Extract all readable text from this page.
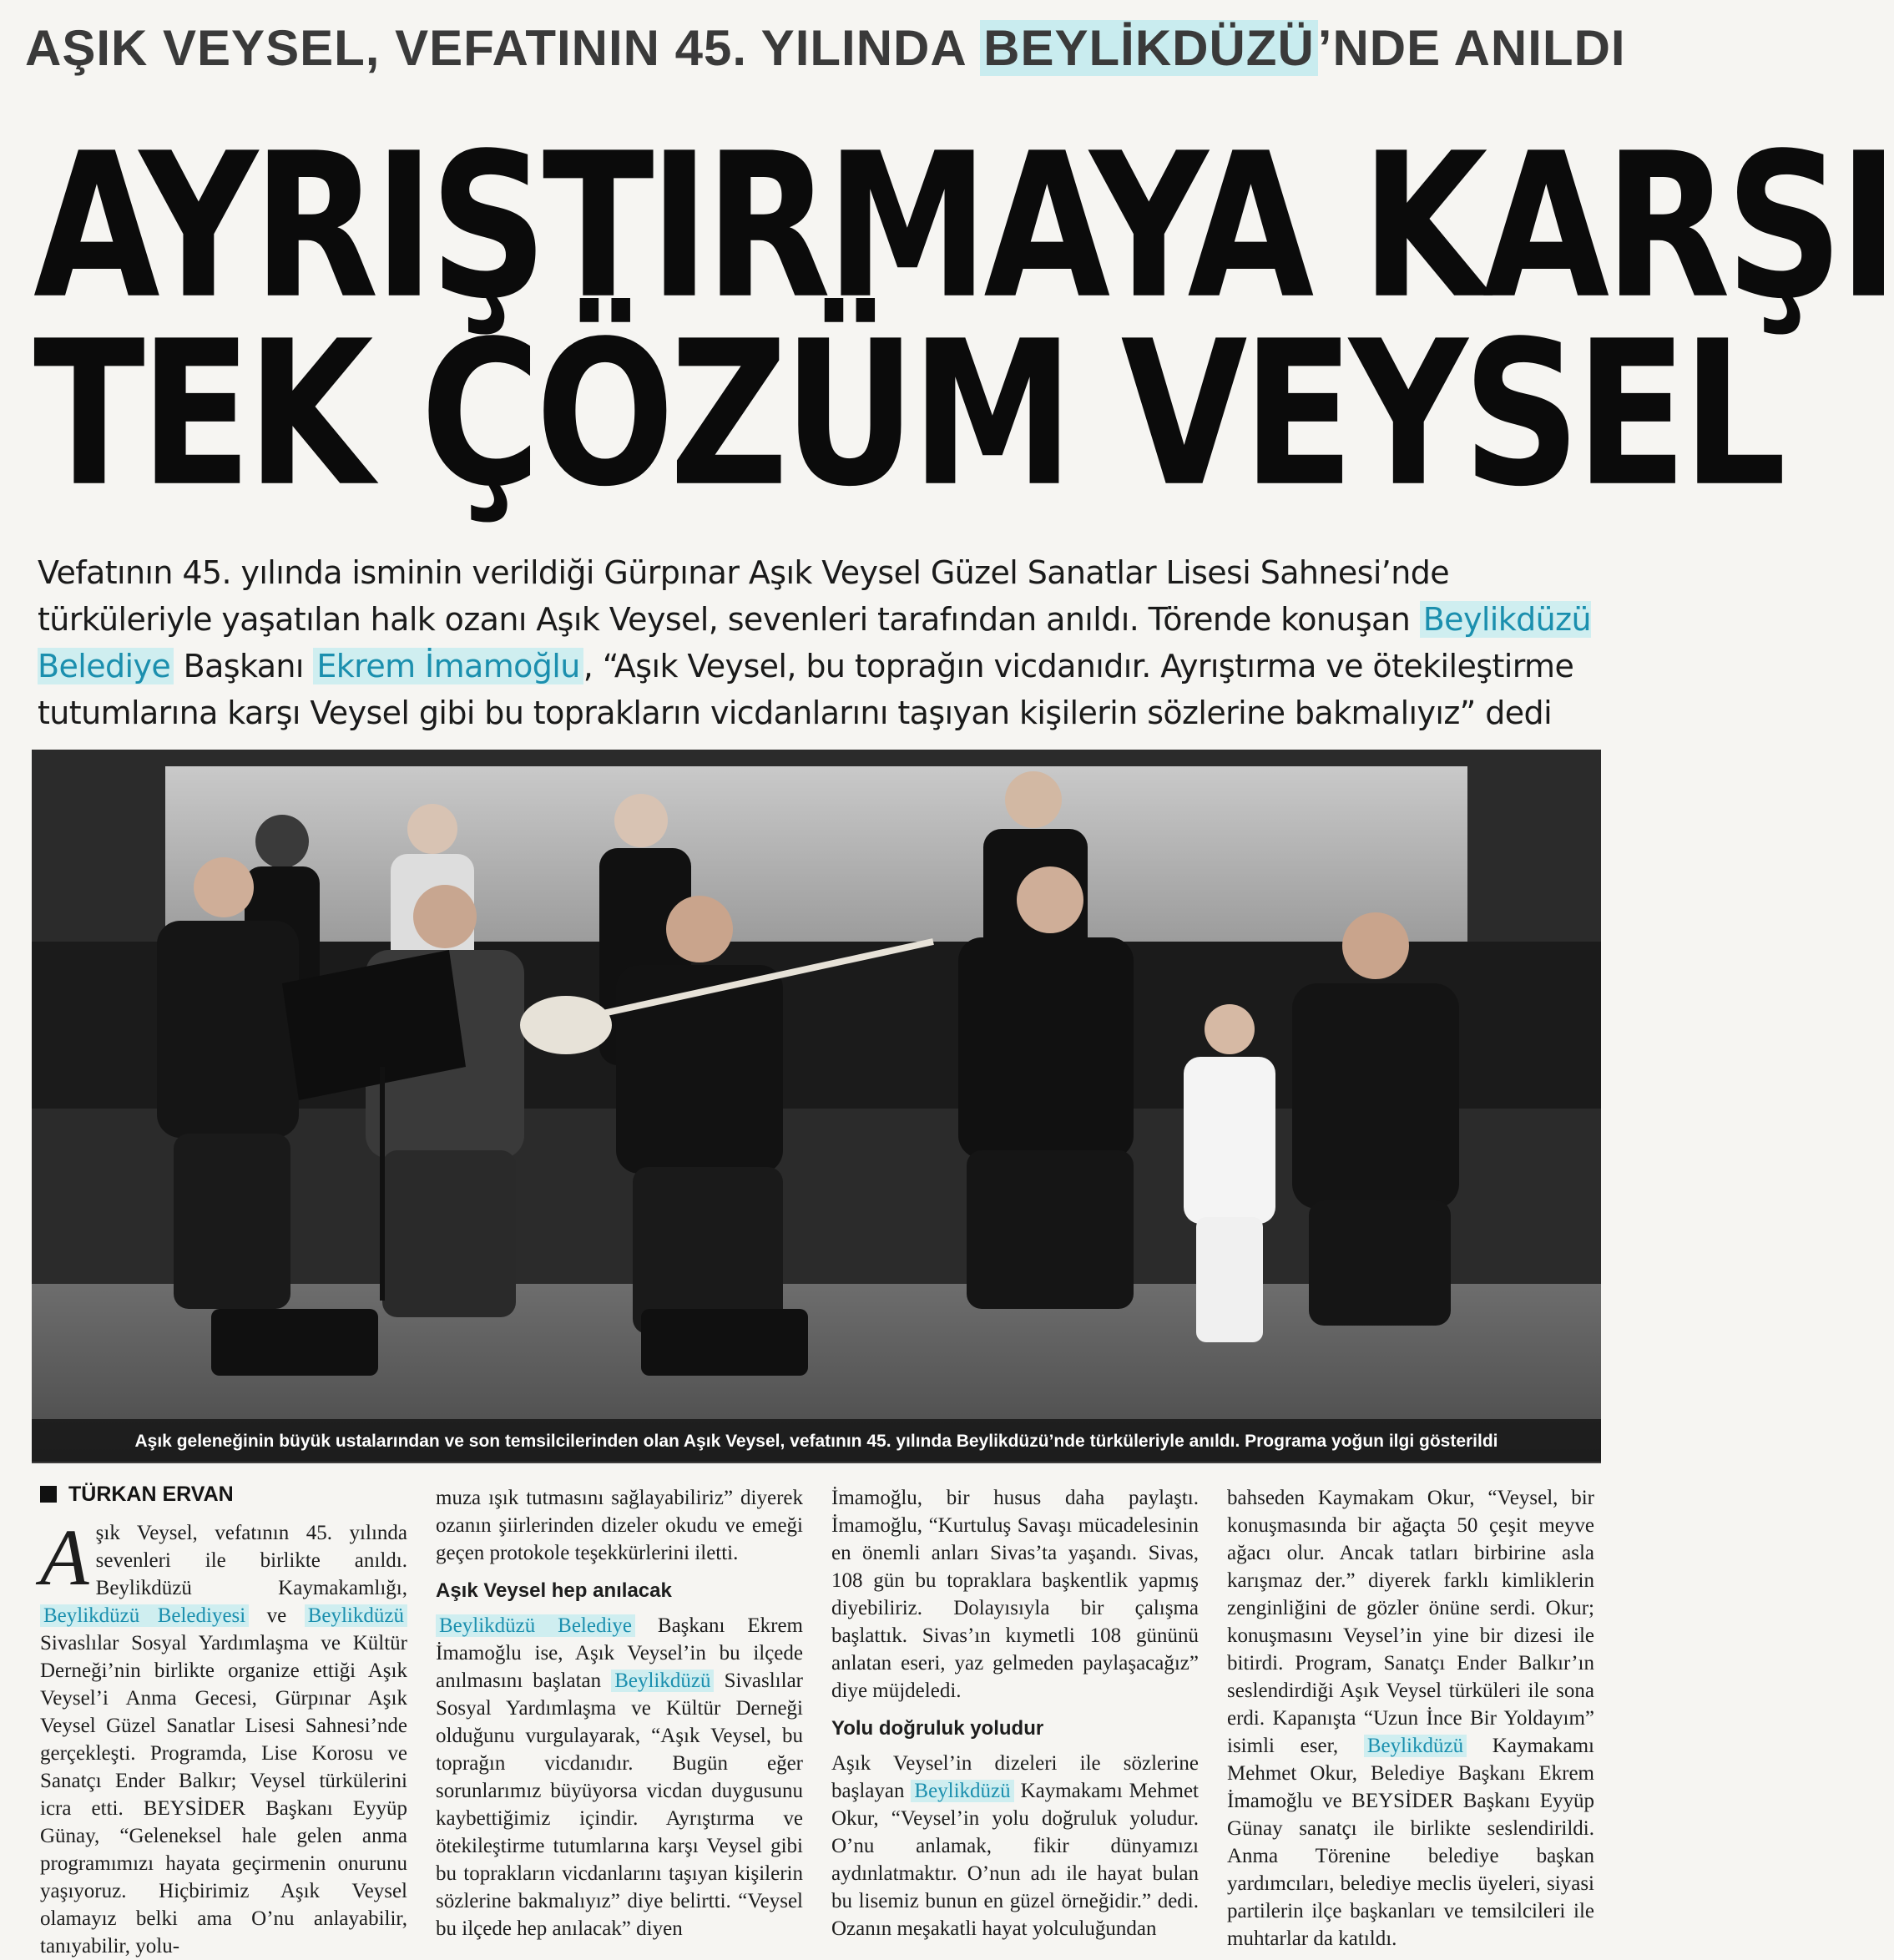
AŞIK VEYSEL, VEFATININ 45. YILINDA BEYLİKDÜZÜ’NDE ANILDI
AYRIŞTIRMAYA KARŞI
TEK ÇÖZÜM VEYSEL
Vefatının 45. yılında isminin verildiği Gürpınar Aşık Veysel Güzel Sanatlar Lisesi Sahnesi’nde türküleriyle yaşatılan halk ozanı Aşık Veysel, sevenleri tarafından anıldı. Törende konuşan Beylikdüzü Belediye Başkanı Ekrem İmamoğlu , “Aşık Veysel, bu toprağın vicdanıdır. Ayrıştırma ve ötekileştirme tutumlarına karşı Veysel gibi bu toprakların vicdanlarını taşıyan kişilerin sözlerine bakmalıyız” dedi
Aşık geleneğinin büyük ustalarından ve son temsilcilerinden olan Aşık Veysel, vefatının 45. yılında Beylikdüzü’nde türküleriyle anıldı. Programa yoğun ilgi gösterildi
TÜRKAN ERVAN

Aşık Veysel, vefatının 45. yılında sevenleri ile birlikte anıldı. Beylikdüzü Kaymakamlığı, Beylikdüzü Belediyesi ve Beylikdüzü Sivaslılar Sosyal Yardımlaşma ve Kültür Derneği’nin birlikte organize ettiği Aşık Veysel’i Anma Gecesi, Gürpınar Aşık Veysel Güzel Sanatlar Lisesi Sahnesi’nde gerçekleşti. Programda, Lise Korosu ve Sanatçı Ender Balkır; Veysel türkülerini icra etti. BEYSİDER Başkanı Eyyüp Günay, “Geleneksel hale gelen anma programımızı hayata geçirmenin onurunu yaşıyoruz. Hiçbirimiz Aşık Veysel olamayız belki ama O’nu anlayabilir, tanıyabilir, yolu-

muza ışık tutmasını sağlayabiliriz” diyerek ozanın şiirlerinden dizeler okudu ve emeği geçen protokole teşekkürlerini iletti.

Aşık Veysel hep anılacak

Beylikdüzü Belediye Başkanı Ekrem İmamoğlu ise, Aşık Veysel’in bu ilçede anılmasını başlatan Beylikdüzü Sivaslılar Sosyal Yardımlaşma ve Kültür Derneği olduğunu vurgulayarak, “Aşık Veysel, bu toprağın vicdanıdır. Bugün eğer sorunlarımız büyüyorsa vicdan duygusunu kaybettiğimiz içindir. Ayrıştırma ve ötekileştirme tutumlarına karşı Veysel gibi bu toprakların vicdanlarını taşıyan kişilerin sözlerine bakmalıyız” diye belirtti. “Veysel bu ilçede hep anılacak” diyen

İmamoğlu, bir husus daha paylaştı. İmamoğlu, “Kurtuluş Savaşı mücadelesinin en önemli anları Sivas’ta yaşandı. Sivas, 108 gün bu topraklara başkentlik yapmış diyebiliriz. Dolayısıyla bir çalışma başlattık. Sivas’ın kıymetli 108 gününü anlatan eseri, yaz gelmeden paylaşacağız” diye müjdeledi.

Yolu doğruluk yoludur

Aşık Veysel’in dizeleri ile sözlerine başlayan Beylikdüzü Kaymakamı Mehmet Okur, “Veysel’in yolu doğruluk yoludur. O’nu anlamak, fikir dünyamızı aydınlatmaktır. O’nun adı ile hayat bulan bu lisemiz bunun en güzel örneğidir.” dedi. Ozanın meşakatli hayat yolculuğundan

bahseden Kaymakam Okur, “Veysel, bir konuşmasında bir ağaçta 50 çeşit meyve ağacı olur. Ancak tatları birbirine asla karışmaz der.” diyerek farklı kimliklerin zenginliğini de gözler önüne serdi. Okur; konuşmasını Veysel’in yine bir dizesi ile bitirdi. Program, Sanatçı Ender Balkır’ın seslendirdiği Aşık Veysel türküleri ile sona erdi. Kapanışta “Uzun İnce Bir Yoldayım” isimli eser, Beylikdüzü Kaymakamı Mehmet Okur, Belediye Başkanı Ekrem İmamoğlu ve BEYSİDER Başkanı Eyyüp Günay sanatçı ile birlikte seslendirildi. Anma Törenine belediye başkan yardımcıları, belediye meclis üyeleri, siyasi partilerin ilçe başkanları ve temsilcileri ile muhtarlar da katıldı.
